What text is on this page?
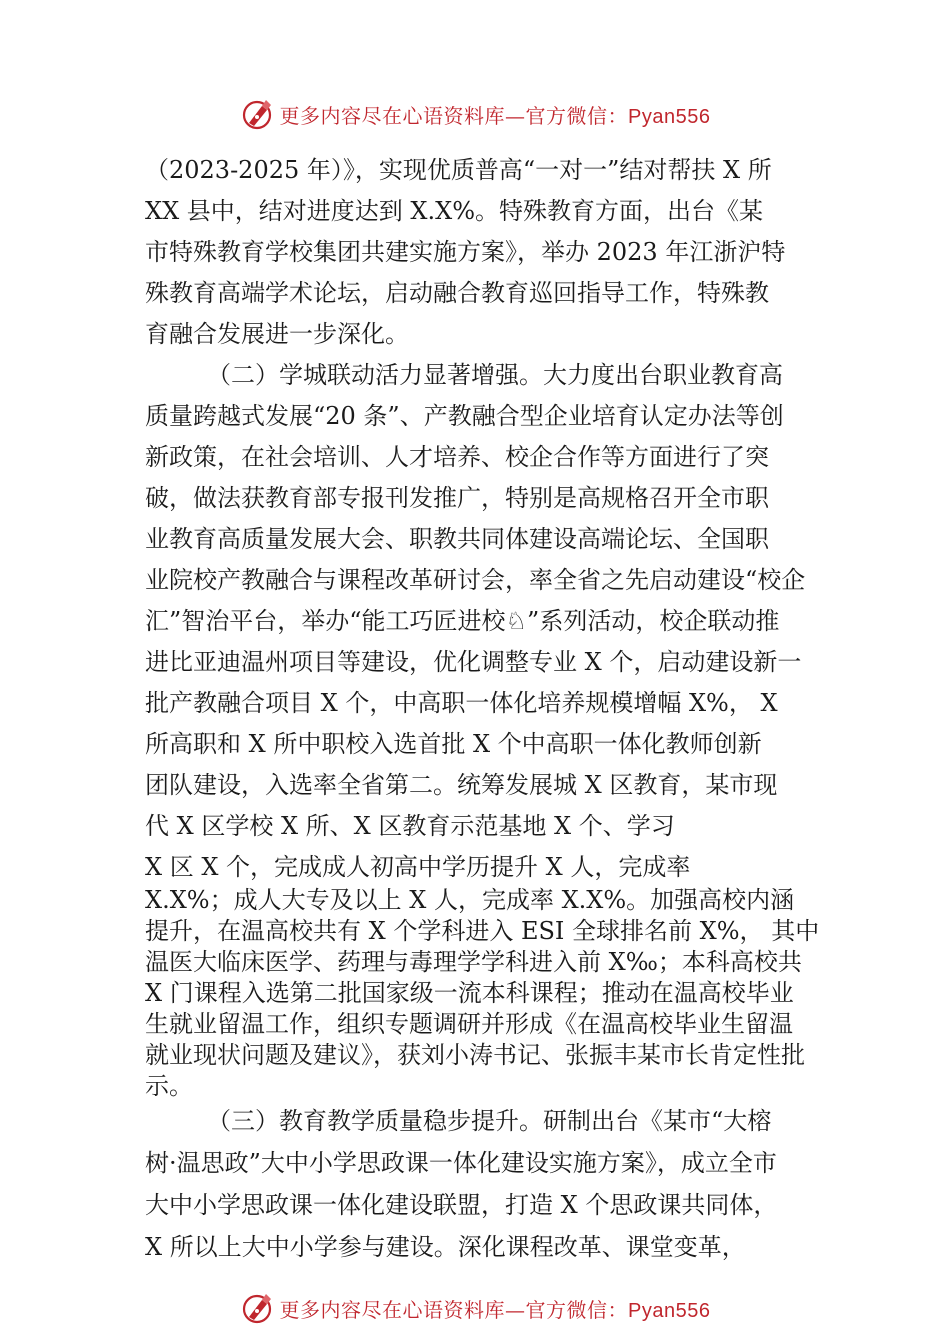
更多内容尽在心语资料库—官方微信：Pyan556
（2023-2025 年）》，实现优质普高“一对一”结对帮扶 X 所
XX 县中，结对进度达到 X.X%。特殊教育方面，出台《某
市特殊教育学校集团共建实施方案》，举办 2023 年江浙沪特
殊教育高端学术论坛，启动融合教育巡回指导工作，特殊教
育融合发展进一步深化。
（二）学城联动活力显著增强。大力度出台职业教育高
质量跨越式发展“20 条”、产教融合型企业培育认定办法等创
新政策，在社会培训、人才培养、校企合作等方面进行了突
破，做法获教育部专报刊发推广，特别是高规格召开全市职
业教育高质量发展大会、职教共同体建设高端论坛、全国职
业院校产教融合与课程改革研讨会，率全省之先启动建设“校企
汇”智治平台，举办“能工巧匠进校♘”系列活动，校企联动推
进比亚迪温州项目等建设，优化调整专业 X 个，启动建设新一
批产教融合项目 X 个，中高职一体化培养规模增幅 X%， X
所高职和 X 所中职校入选首批 X 个中高职一体化教师创新
团队建设，入选率全省第二。统筹发展城 X 区教育，某市现
代 X 区学校 X 所、X 区教育示范基地 X 个、学习
X 区 X 个，完成成人初高中学历提升 X 人，完成率
X.X%；成人大专及以上 X 人，完成率 X.X%。加强高校内涵
提升，在温高校共有 X 个学科进入 ESI 全球排名前 X%， 其中
温医大临床医学、药理与毒理学学科进入前 X‰；本科高校共
X 门课程入选第二批国家级一流本科课程；推动在温高校毕业
生就业留温工作，组织专题调研并形成《在温高校毕业生留温
就业现状问题及建议》，获刘小涛书记、张振丰某市长肯定性批
示。
（三）教育教学质量稳步提升。研制出台《某市“大榕
树·温思政”大中小学思政课一体化建设实施方案》，成立全市
大中小学思政课一体化建设联盟，打造 X 个思政课共同体，
X 所以上大中小学参与建设。深化课程改革、课堂变革，
更多内容尽在心语资料库—官方微信：Pyan556
